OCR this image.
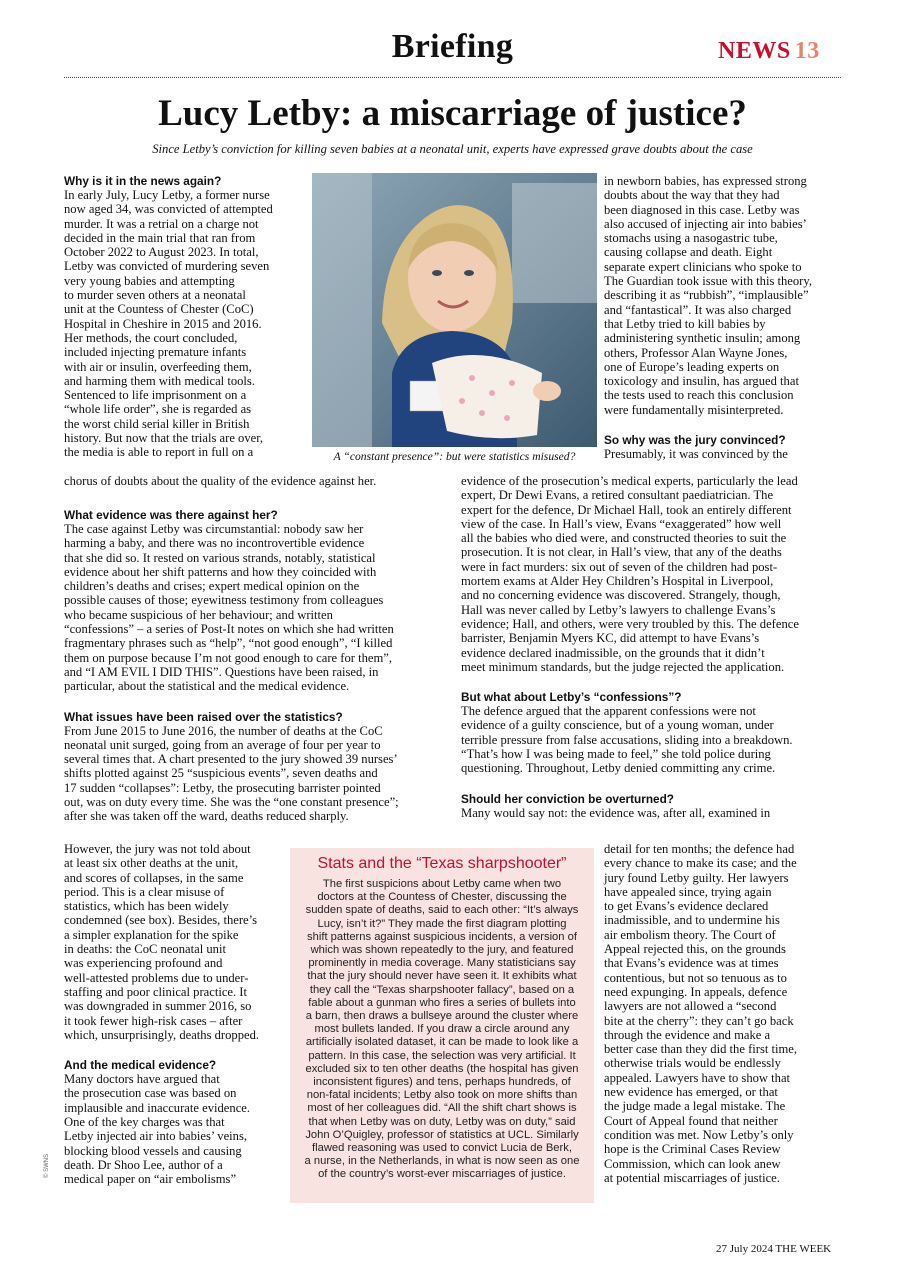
Briefing	NEWS 13
Lucy Letby: a miscarriage of justice?
Since Letby’s conviction for killing seven babies at a neonatal unit, experts have expressed grave doubts about the case
Why is it in the news again?
In early July, Lucy Letby, a former nurse
now aged 34, was convicted of attempted
murder. It was a retrial on a charge not
decided in the main trial that ran from
October 2022 to August 2023. In total,
Letby was convicted of murdering seven
very young babies and attempting
to murder seven others at a neonatal
unit at the Countess of Chester (CoC)
Hospital in Cheshire in 2015 and 2016.
Her methods, the court concluded,
included injecting premature infants
with air or insulin, overfeeding them,
and harming them with medical tools.
Sentenced to life imprisonment on a
“whole life order”, she is regarded as
the worst child serial killer in British
history. But now that the trials are over,
the media is able to report in full on a
chorus of doubts about the quality of the evidence against her.
What evidence was there against her?
The case against Letby was circumstantial: nobody saw her
harming a baby, and there was no incontrovertible evidence
that she did so. It rested on various strands, notably, statistical
evidence about her shift patterns and how they coincided with
children’s deaths and crises; expert medical opinion on the
possible causes of those; eyewitness testimony from colleagues
who became suspicious of her behaviour; and written
“confessions” – a series of Post-It notes on which she had written
fragmentary phrases such as “help”, “not good enough”, “I killed
them on purpose because I’m not good enough to care for them”,
and “I AM EVIL I DID THIS”. Questions have been raised, in
particular, about the statistical and the medical evidence.
What issues have been raised over the statistics?
From June 2015 to June 2016, the number of deaths at the CoC
neonatal unit surged, going from an average of four per year to
several times that. A chart presented to the jury showed 39 nurses’
shifts plotted against 25 “suspicious events”, seven deaths and
17 sudden “collapses”: Letby, the prosecuting barrister pointed
out, was on duty every time. She was the “one constant presence”;
after she was taken off the ward, deaths reduced sharply.
However, the jury was not told about
at least six other deaths at the unit,
and scores of collapses, in the same
period. This is a clear misuse of
statistics, which has been widely
condemned (see box). Besides, there’s
a simpler explanation for the spike
in deaths: the CoC neonatal unit
was experiencing profound and
well-attested problems due to under-
staffing and poor clinical practice. It
was downgraded in summer 2016, so
it took fewer high-risk cases – after
which, unsurprisingly, deaths dropped.
And the medical evidence?
Many doctors have argued that
the prosecution case was based on
implausible and inaccurate evidence.
One of the key charges was that
Letby injected air into babies’ veins,
blocking blood vessels and causing
death. Dr Shoo Lee, author of a
medical paper on “air embolisms”
A “constant presence”: but were statistics misused?
© SWNS
in newborn babies, has expressed strong
doubts about the way that they had
been diagnosed in this case. Letby was
also accused of injecting air into babies’
stomachs using a nasogastric tube,
causing collapse and death. Eight
separate expert clinicians who spoke to
The Guardian took issue with this theory,
describing it as “rubbish”, “implausible”
and “fantastical”. It was also charged
that Letby tried to kill babies by
administering synthetic insulin; among
others, Professor Alan Wayne Jones,
one of Europe’s leading experts on
toxicology and insulin, has argued that
the tests used to reach this conclusion
were fundamentally misinterpreted.
So why was the jury convinced?
Presumably, it was convinced by the
evidence of the prosecution’s medical experts, particularly the lead
expert, Dr Dewi Evans, a retired consultant paediatrician. The
expert for the defence, Dr Michael Hall, took an entirely different
view of the case. In Hall’s view, Evans “exaggerated” how well
all the babies who died were, and constructed theories to suit the
prosecution. It is not clear, in Hall’s view, that any of the deaths
were in fact murders: six out of seven of the children had post-
mortem exams at Alder Hey Children’s Hospital in Liverpool,
and no concerning evidence was discovered. Strangely, though,
Hall was never called by Letby’s lawyers to challenge Evans’s
evidence; Hall, and others, were very troubled by this. The defence
barrister, Benjamin Myers KC, did attempt to have Evans’s
evidence declared inadmissible, on the grounds that it didn’t
meet minimum standards, but the judge rejected the application.
But what about Letby’s “confessions”?
The defence argued that the apparent confessions were not
evidence of a guilty conscience, but of a young woman, under
terrible pressure from false accusations, sliding into a breakdown.
“That’s how I was being made to feel,” she told police during
questioning. Throughout, Letby denied committing any crime.
Should her conviction be overturned?
Many would say not: the evidence was, after all, examined in
detail for ten months; the defence had
every chance to make its case; and the
jury found Letby guilty. Her lawyers
have appealed since, trying again
to get Evans’s evidence declared
inadmissible, and to undermine his
air embolism theory. The Court of
Appeal rejected this, on the grounds
that Evans’s evidence was at times
contentious, but not so tenuous as to
need expunging. In appeals, defence
lawyers are not allowed a “second
bite at the cherry”: they can’t go back
through the evidence and make a
better case than they did the first time,
otherwise trials would be endlessly
appealed. Lawyers have to show that
new evidence has emerged, or that
the judge made a legal mistake. The
Court of Appeal found that neither
condition was met. Now Letby’s only
hope is the Criminal Cases Review
Commission, which can look anew
at potential miscarriages of justice.
Stats and the “Texas sharpshooter”
The first suspicions about Letby came when two
doctors at the Countess of Chester, discussing the
sudden spate of deaths, said to each other: “It’s always
Lucy, isn’t it?” They made the first diagram plotting
shift patterns against suspicious incidents, a version of
which was shown repeatedly to the jury, and featured
prominently in media coverage. Many statisticians say
that the jury should never have seen it. It exhibits what
they call the “Texas sharpshooter fallacy”, based on a
fable about a gunman who fires a series of bullets into
a barn, then draws a bullseye around the cluster where
most bullets landed. If you draw a circle around any
artificially isolated dataset, it can be made to look like a
pattern. In this case, the selection was very artificial. It
excluded six to ten other deaths (the hospital has given
inconsistent figures) and tens, perhaps hundreds, of
non-fatal incidents; Letby also took on more shifts than
most of her colleagues did. “All the shift chart shows is
that when Letby was on duty, Letby was on duty,” said
John O’Quigley, professor of statistics at UCL. Similarly
flawed reasoning was used to convict Lucia de Berk,
a nurse, in the Netherlands, in what is now seen as one
of the country’s worst-ever miscarriages of justice.
27 July 2024 THE WEEK
